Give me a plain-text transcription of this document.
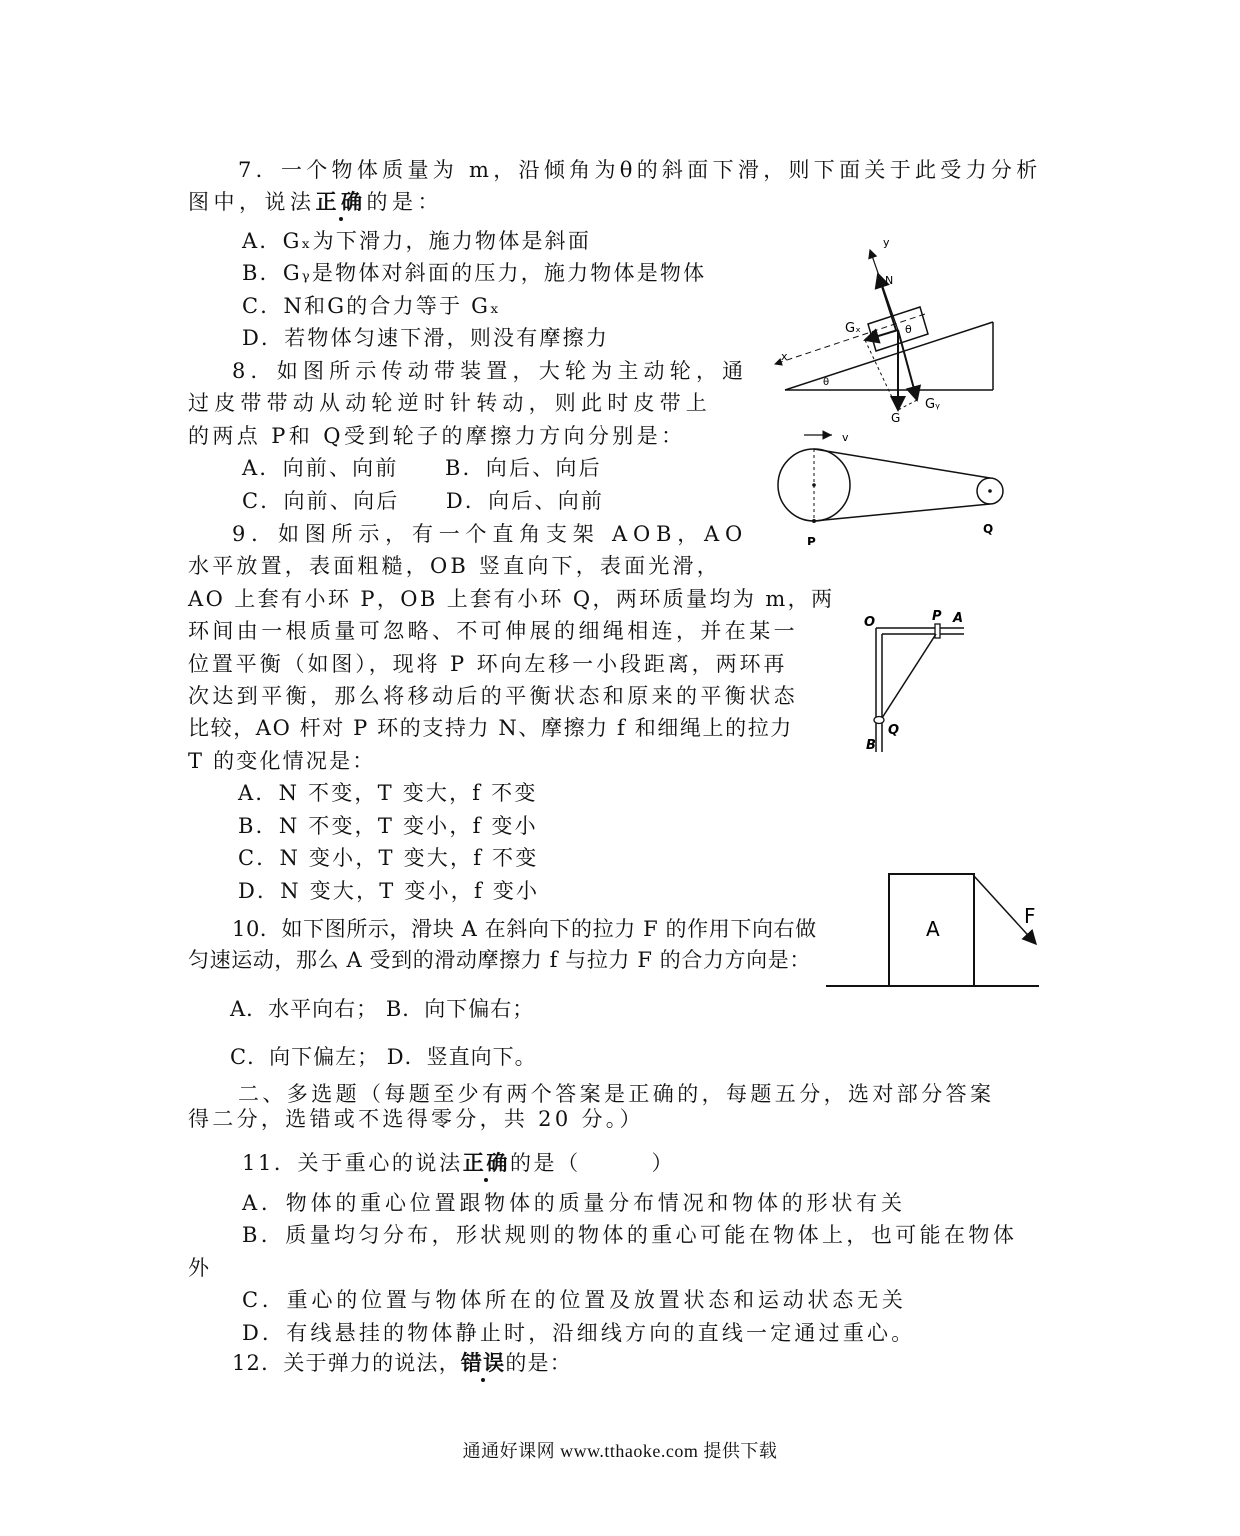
7．一个物体质量为 m，沿倾角为θ的斜面下滑，则下面关于此受力分析
图中，说法正确的是：
A．Gₓ为下滑力，施力物体是斜面
B．Gᵧ是物体对斜面的压力，施力物体是物体
C．N和G的合力等于 Gₓ
D．若物体匀速下滑，则没有摩擦力
y
N
Gₓ	θ
x
θ
G
Gᵧ
8．如图所示传动带装置，大轮为主动轮，通
过皮带带动从动轮逆时针转动，则此时皮带上
的两点 P和 Q受到轮子的摩擦力方向分别是：
A．向前、向前　　B．向后、向后
C．向前、向后　　D．向后、向前
v
P
Q
9．如图所示，有一个直角支架 AOB，AO
水平放置，表面粗糙，OB 竖直向下，表面光滑，
AO 上套有小环 P，OB 上套有小环 Q，两环质量均为 m，两
环间由一根质量可忽略、不可伸展的细绳相连，并在某一
位置平衡（如图），现将 P 环向左移一小段距离，两环再
次达到平衡，那么将移动后的平衡状态和原来的平衡状态
比较，AO 杆对 P 环的支持力 N、摩擦力 f 和细绳上的拉力
T 的变化情况是：
A．N 不变，T 变大，f 不变
B．N 不变，T 变小，f 变小
C．N 变小，T 变大，f 不变
D．N 变大，T 变小，f 变小
O	P A
B
Q
10．如下图所示，滑块 A 在斜向下的拉力 F 的作用下向右做
匀速运动，那么 A 受到的滑动摩擦力 f 与拉力 F 的合力方向是：
A．水平向右； B．向下偏右；
C．向下偏左； D．竖直向下。
A
F
二、多选题（每题至少有两个答案是正确的，每题五分，选对部分答案
得二分，选错或不选得零分，共 20 分。）
11．关于重心的说法正确的是（　　　）
A．物体的重心位置跟物体的质量分布情况和物体的形状有关
B．质量均匀分布，形状规则的物体的重心可能在物体上，也可能在物体
外
C．重心的位置与物体所在的位置及放置状态和运动状态无关
D．有线悬挂的物体静止时，沿细线方向的直线一定通过重心。
12．关于弹力的说法，错误的是：
通通好课网 www.tthaoke.com 提供下载
